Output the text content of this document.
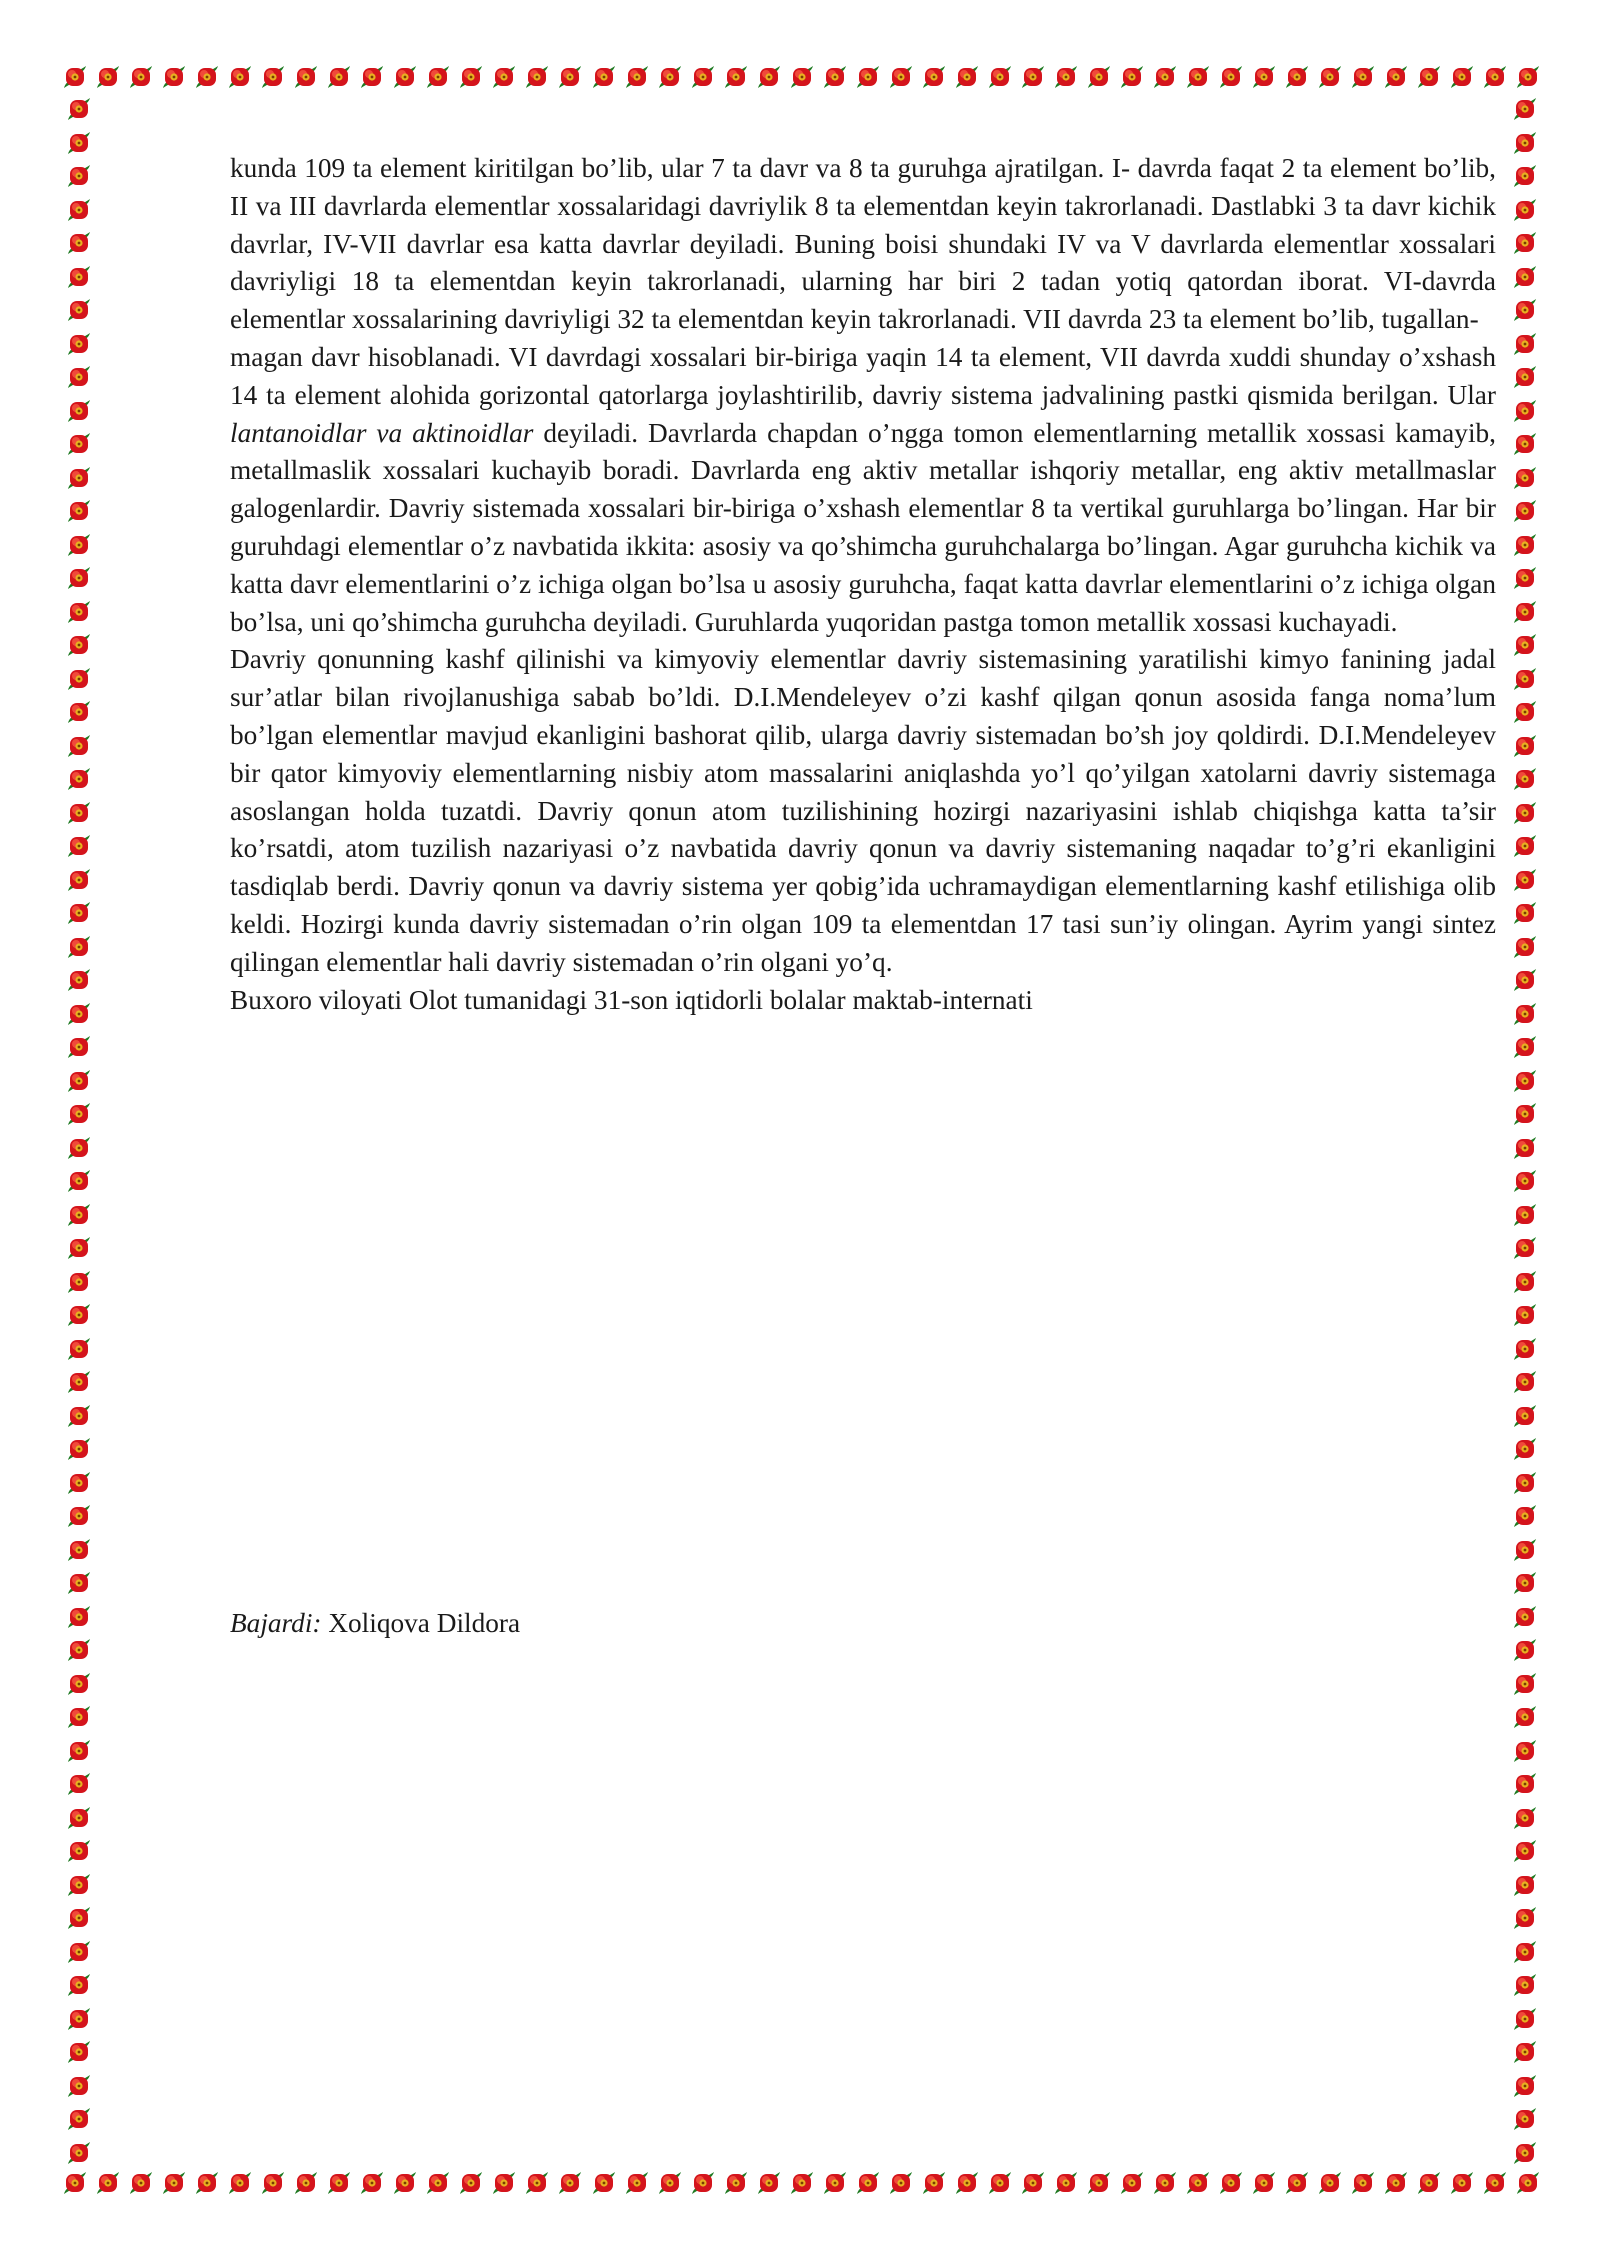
kunda 109 ta element kiritilgan bo’lib, ular 7 ta davr va 8 ta guruhga ajratilgan. I- davrda faqat 2 ta element bo’lib, II va III davrlarda elementlar xossalaridagi davriylik 8 ta elementdan keyin takrorlanadi. Dastlabki 3 ta davr kichik davrlar, IV-VII davrlar esa katta davrlar deyiladi. Buning boisi shundaki IV va V davrlarda elementlar xossalari davriyligi 18 ta elementdan keyin takrorlanadi, ularning har biri 2 tadan yotiq qatordan iborat. VI-davrda elementlar xossalarining davriyligi 32 ta elementdan keyin takrorlanadi. VII davrda 23 ta element bo’lib, tugallan-
magan davr hisoblanadi. VI davrdagi xossalari bir-biriga yaqin 14 ta element, VII davrda xuddi shunday o’xshash 14 ta element alohida gorizontal qatorlarga joylashtirilib, davriy sistema jadvalining pastki qismida berilgan. Ular lantanoidlar va aktinoidlar deyiladi. Davrlarda chapdan o’ngga tomon elementlarning metallik xossasi kamayib, metallmaslik xossalari kuchayib boradi. Davrlarda eng aktiv metallar ishqoriy metallar, eng aktiv metallmaslar galogenlardir. Davriy sistemada xossalari bir-biriga o’xshash elementlar 8 ta vertikal guruhlarga bo’lingan. Har bir guruhdagi elementlar o’z navbatida ikkita: asosiy va qo’shimcha guruhchalarga bo’lingan. Agar guruhcha kichik va katta davr elementlarini o’z ichiga olgan bo’lsa u asosiy guruhcha, faqat katta davrlar elementlarini o’z ichiga olgan bo’lsa, uni qo’shimcha guruhcha deyiladi. Guruhlarda yuqoridan pastga tomon metallik xossasi kuchayadi.

Davriy qonunning kashf qilinishi va kimyoviy elementlar davriy sistemasining yaratilishi kimyo fanining jadal sur’atlar bilan rivojlanushiga sabab bo’ldi. D.I.Mendeleyev o’zi kashf qilgan qonun asosida fanga noma’lum bo’lgan elementlar mavjud ekanligini bashorat qilib, ularga davriy sistemadan bo’sh joy qoldirdi. D.I.Mendeleyev bir qator kimyoviy elementlarning nisbiy atom massalarini aniqlashda yo’l qo’yilgan xatolarni davriy sistemaga asoslangan holda tuzatdi. Davriy qonun atom tuzilishining hozirgi nazariyasini ishlab chiqishga katta ta’sir ko’rsatdi, atom tuzilish nazariyasi o’z navbatida davriy qonun va davriy sistemaning naqadar to’g’ri ekanligini tasdiqlab berdi. Davriy qonun va davriy sistema yer qobig’ida uchramaydigan elementlarning kashf etilishiga olib keldi. Hozirgi kunda davriy sistemadan o’rin olgan 109 ta elementdan 17 tasi sun’iy olingan. Ayrim yangi sintez qilingan elementlar hali davriy sistemadan o’rin olgani yo’q.

Buxoro viloyati Olot tumanidagi 31-son iqtidorli bolalar maktab-internati

Bajardi: Xoliqova Dildora
